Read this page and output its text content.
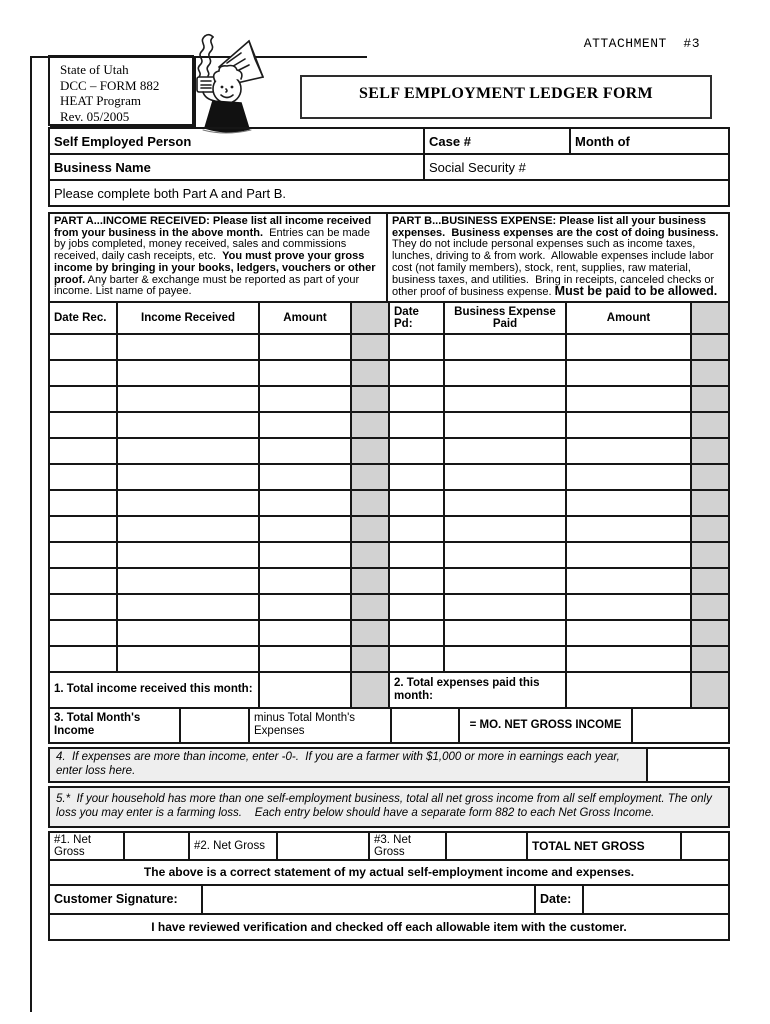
ATTACHMENT  #3
State of Utah
DCC – FORM 882
HEAT Program
Rev. 05/2005
SELF EMPLOYMENT LEDGER FORM
Self Employed Person	Case #	Month of
Business Name	Social Security #	
Please complete both Part A and Part B.		
PART A...INCOME RECEIVED: Please list all income received from your business in the above month.  Entries can be made by jobs completed, money received, sales and commissions received, daily cash receipts, etc.  You must prove your gross income by bringing in your books, ledgers, vouchers or other proof. Any barter & exchange must be reported as part of your income. List name of payee.

PART B...BUSINESS EXPENSE: Please list all your business expenses.  Business expenses are the cost of doing business.  They do not include personal expenses such as income taxes, lunches, driving to & from work.  Allowable expenses include labor cost (not family members), stock, rent, supplies, raw material, business taxes, and utilities.  Bring in receipts, canceled checks or other proof of business expense. Must be paid to be allowed.
Date Rec.	Income Received	Amount		Date Pd:	Business Expense Paid	Amount	

1. Total income received this month:				2. Total expenses paid this month:			
3. Total Month's Income		minus Total Month's Expenses		= MO. NET GROSS INCOME	
4.  If expenses are more than income, enter -0-.  If you are a farmer with $1,000 or more in earnings each year, enter loss here.	
5.*  If your household has more than one self-employment business, total all net gross income from all self employment. The only loss you may enter is a farming loss.    Each entry below should have a separate form 882 to each Net Gross Income.
#1. Net Gross		#2. Net Gross		#3. Net Gross		TOTAL NET GROSS	
The above is a correct statement of my actual self-employment income and expenses.
Customer Signature:		Date:	
I have reviewed verification and checked off each allowable item with the customer.
